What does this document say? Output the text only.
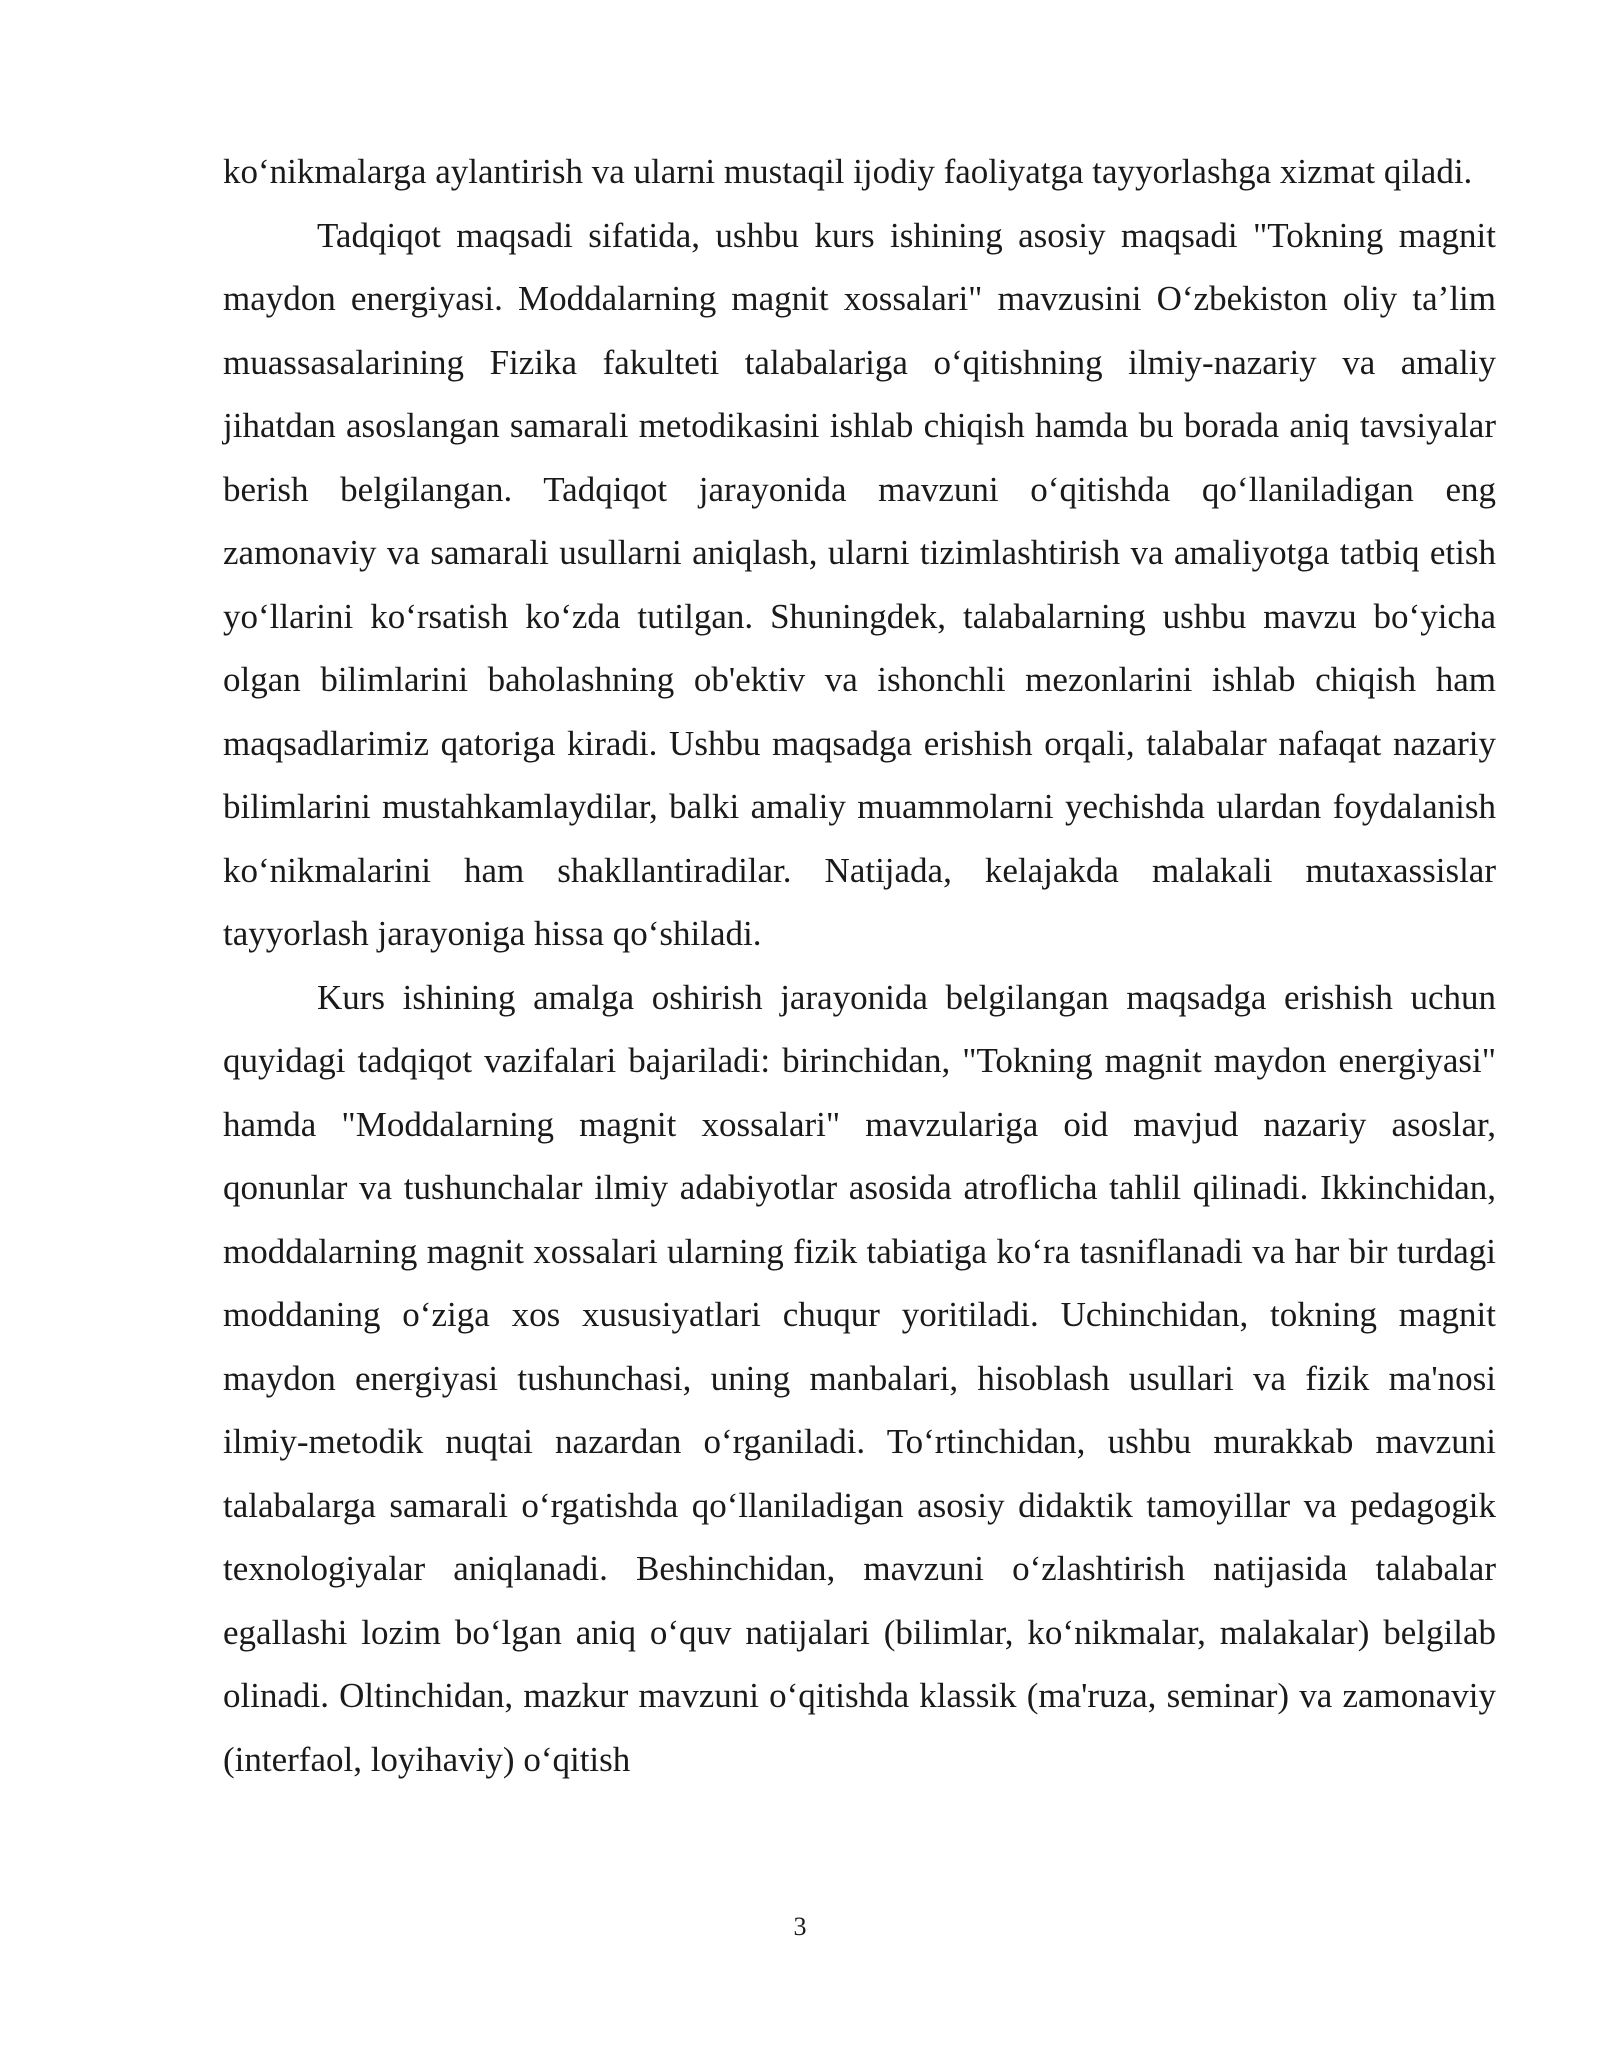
ko‘nikmalarga aylantirish va ularni mustaqil ijodiy faoliyatga tayyorlashga xizmat qiladi.

Tadqiqot maqsadi sifatida, ushbu kurs ishining asosiy maqsadi "Tokning magnit maydon energiyasi. Moddalarning magnit xossalari" mavzusini O‘zbekiston oliy ta’lim muassasalarining Fizika fakulteti talabalariga o‘qitishning ilmiy-nazariy va amaliy jihatdan asoslangan samarali metodikasini ishlab chiqish hamda bu borada aniq tavsiyalar berish belgilangan. Tadqiqot jarayonida mavzuni o‘qitishda qo‘llaniladigan eng zamonaviy va samarali usullarni aniqlash, ularni tizimlashtirish va amaliyotga tatbiq etish yo‘llarini ko‘rsatish ko‘zda tutilgan. Shuningdek, talabalarning ushbu mavzu bo‘yicha olgan bilimlarini baholashning ob'ektiv va ishonchli mezonlarini ishlab chiqish ham maqsadlarimiz qatoriga kiradi. Ushbu maqsadga erishish orqali, talabalar nafaqat nazariy bilimlarini mustahkamlaydilar, balki amaliy muammolarni yechishda ulardan foydalanish ko‘nikmalarini ham shakllantiradilar. Natijada, kelajakda malakali mutaxassislar tayyorlash jarayoniga hissa qo‘shiladi.

Kurs ishining amalga oshirish jarayonida belgilangan maqsadga erishish uchun quyidagi tadqiqot vazifalari bajariladi: birinchidan, "Tokning magnit maydon energiyasi" hamda "Moddalarning magnit xossalari" mavzulariga oid mavjud nazariy asoslar, qonunlar va tushunchalar ilmiy adabiyotlar asosida atroflicha tahlil qilinadi. Ikkinchidan, moddalarning magnit xossalari ularning fizik tabiatiga ko‘ra tasniflanadi va har bir turdagi moddaning o‘ziga xos xususiyatlari chuqur yoritiladi. Uchinchidan, tokning magnit maydon energiyasi tushunchasi, uning manbalari, hisoblash usullari va fizik ma'nosi ilmiy-metodik nuqtai nazardan o‘rganiladi. To‘rtinchidan, ushbu murakkab mavzuni talabalarga samarali o‘rgatishda qo‘llaniladigan asosiy didaktik tamoyillar va pedagogik texnologiyalar aniqlanadi. Beshinchidan, mavzuni o‘zlashtirish natijasida talabalar egallashi lozim bo‘lgan aniq o‘quv natijalari (bilimlar, ko‘nikmalar, malakalar) belgilab olinadi. Oltinchidan, mazkur mavzuni o‘qitishda klassik (ma'ruza, seminar) va zamonaviy (interfaol, loyihaviy) o‘qitish

3
